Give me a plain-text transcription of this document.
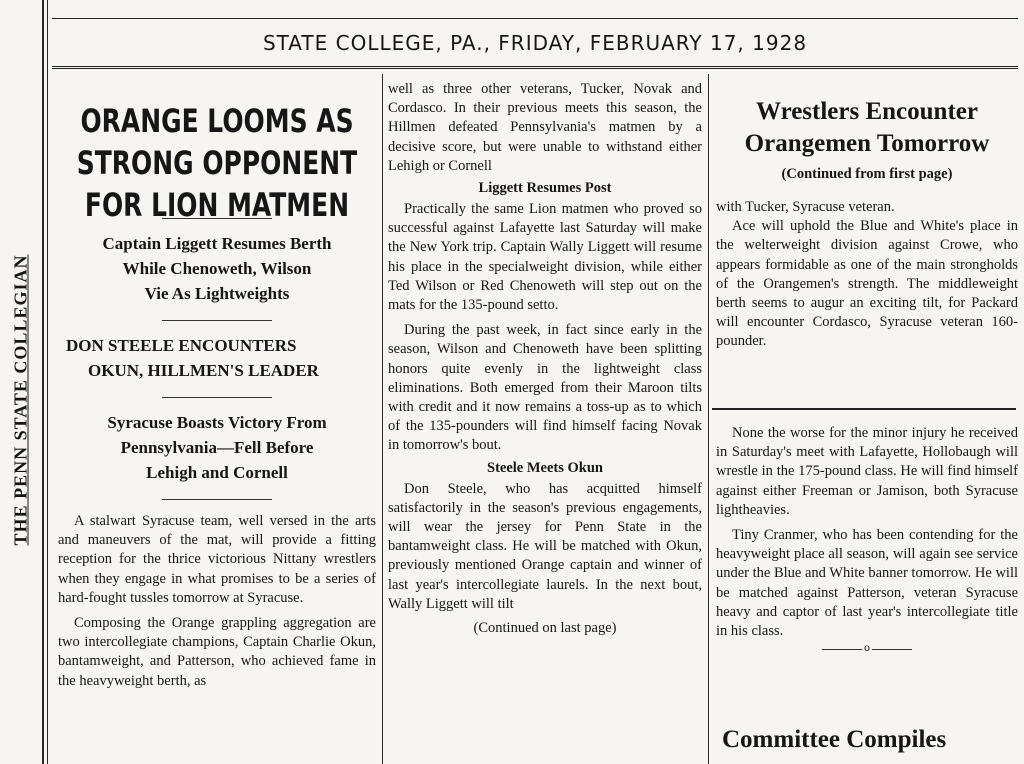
THE PENN STATE COLLEGIAN
STATE COLLEGE, PA., FRIDAY, FEBRUARY 17, 1928
ORANGE LOOMS AS
STRONG OPPONENT
FOR LION MATMEN
Captain Liggett Resumes Berth
While Chenoweth, Wilson
Vie As Lightweights
DON STEELE ENCOUNTERS
OKUN, HILLMEN'S LEADER
Syracuse Boasts Victory From
Pennsylvania—Fell Before
Lehigh and Cornell

A stalwart Syracuse team, well versed in the arts and maneuvers of the mat, will provide a fitting reception for the thrice victorious Nittany wrestlers when they engage in what promises to be a series of hard-fought tussles tomorrow at Syracuse.

Composing the Orange grappling aggregation are two intercollegiate champions, Captain Charlie Okun, bantamweight, and Patterson, who achieved fame in the heavyweight berth, as

well as three other veterans, Tucker, Novak and Cordasco. In their previous meets this season, the Hillmen defeated Pennsylvania's matmen by a decisive score, but were unable to withstand either Lehigh or Cornell

Liggett Resumes Post

Practically the same Lion matmen who proved so successful against Lafayette last Saturday will make the New York trip. Captain Wally Liggett will resume his place in the specialweight division, while either Ted Wilson or Red Chenoweth will step out on the mats for the 135-pound setto.

During the past week, in fact since early in the season, Wilson and Chenoweth have been splitting honors quite evenly in the lightweight class eliminations. Both emerged from their Maroon tilts with credit and it now remains a toss-up as to which of the 135-pounders will find himself facing Novak in tomorrow's bout.

Steele Meets Okun

Don Steele, who has acquitted himself satisfactorily in the season's previous engagements, will wear the jersey for Penn State in the bantamweight class. He will be matched with Okun, previously mentioned Orange captain and winner of last year's intercollegiate laurels. In the next bout, Wally Liggett will tilt

(Continued on last page)
Wrestlers Encounter
Orangemen Tomorrow
(Continued from first page)

with Tucker, Syracuse veteran.

Ace will uphold the Blue and White's place in the welterweight division against Crowe, who appears formidable as one of the main strongholds of the Orangemen's strength. The middleweight berth seems to augur an exciting tilt, for Packard will encounter Cordasco, Syracuse veteran 160-pounder.

None the worse for the minor injury he received in Saturday's meet with Lafayette, Hollobaugh will wrestle in the 175-pound class. He will find himself against either Freeman or Jamison, both Syracuse lightheavies.

Tiny Cranmer, who has been contending for the heavyweight place all season, will again see service under the Blue and White banner tomorrow. He will be matched against Patterson, veteran Syracuse heavy and captor of last year's intercollegiate title in his class.

o
Committee Compiles
